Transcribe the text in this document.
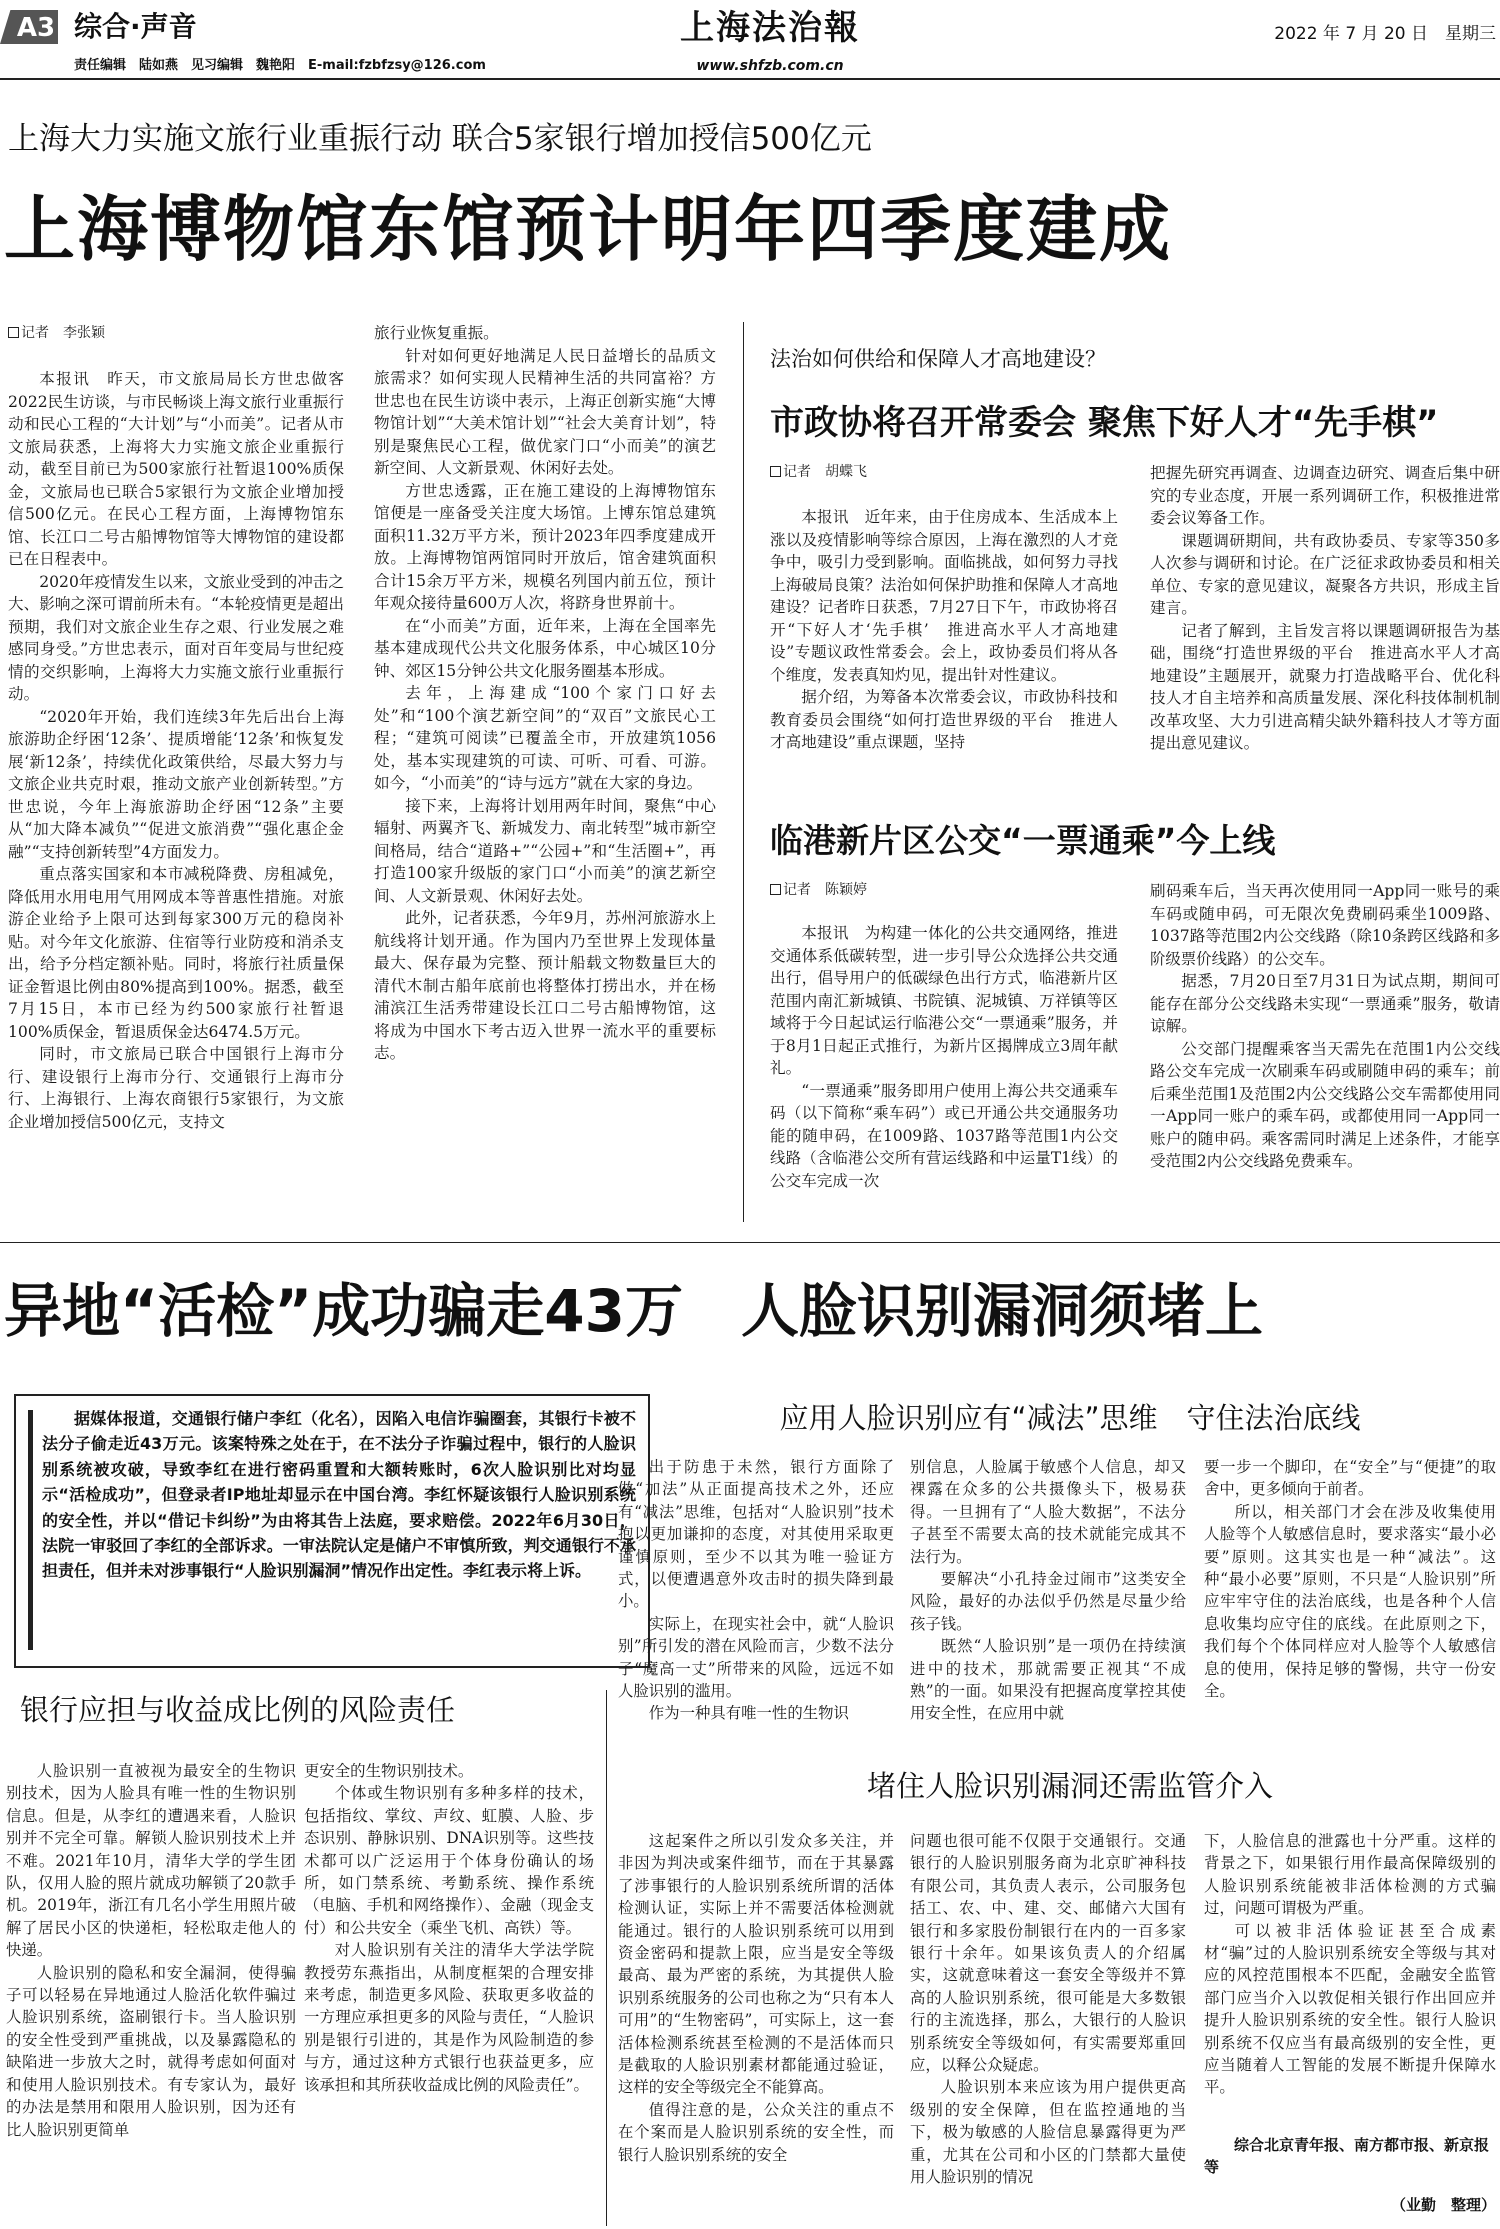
A3 综合·声音
责任编辑　陆如燕　见习编辑　魏艳阳　E-mail:fzbfzsy@126.com
上海法治報
www.shfzb.com.cn
2022 年 7 月 20 日　星期三
上海大力实施文旅行业重振行动 联合5家银行增加授信500亿元
上海博物馆东馆预计明年四季度建成
记者　李张颖

本报讯　昨天，市文旅局局长方世忠做客2022民生访谈，与市民畅谈上海文旅行业重振行动和民心工程的“大计划”与“小而美”。记者从市文旅局获悉，上海将大力实施文旅企业重振行动，截至目前已为500家旅行社暂退100%质保金，文旅局也已联合5家银行为文旅企业增加授信500亿元。在民心工程方面，上海博物馆东馆、长江口二号古船博物馆等大博物馆的建设都已在日程表中。

2020年疫情发生以来，文旅业受到的冲击之大、影响之深可谓前所未有。“本轮疫情更是超出预期，我们对文旅企业生存之艰、行业发展之难感同身受。”方世忠表示，面对百年变局与世纪疫情的交织影响，上海将大力实施文旅行业重振行动。

“2020年开始，我们连续3年先后出台上海旅游助企纾困‘12条’、提质增能‘12条’和恢复发展‘新12条’，持续优化政策供给，尽最大努力与文旅企业共克时艰，推动文旅产业创新转型。”方世忠说，今年上海旅游助企纾困“12条”主要从“加大降本减负”“促进文旅消费”“强化惠企金融”“支持创新转型”4方面发力。

重点落实国家和本市减税降费、房租减免，降低用水用电用气用网成本等普惠性措施。对旅游企业给予上限可达到每家300万元的稳岗补贴。对今年文化旅游、住宿等行业防疫和消杀支出，给予分档定额补贴。同时，将旅行社质量保证金暂退比例由80%提高到100%。据悉，截至7月15日，本市已经为约500家旅行社暂退100%质保金，暂退质保金达6474.5万元。

同时，市文旅局已联合中国银行上海市分行、建设银行上海市分行、交通银行上海市分行、上海银行、上海农商银行5家银行，为文旅企业增加授信500亿元，支持文

旅行业恢复重振。

针对如何更好地满足人民日益增长的品质文旅需求？如何实现人民精神生活的共同富裕？方世忠也在民生访谈中表示，上海正创新实施“大博物馆计划”“大美术馆计划”“社会大美育计划”，特别是聚焦民心工程，做优家门口“小而美”的演艺新空间、人文新景观、休闲好去处。

方世忠透露，正在施工建设的上海博物馆东馆便是一座备受关注度大场馆。上博东馆总建筑面积11.32万平方米，预计2023年四季度建成开放。上海博物馆两馆同时开放后，馆舍建筑面积合计15余万平方米，规模名列国内前五位，预计年观众接待量600万人次，将跻身世界前十。

在“小而美”方面，近年来，上海在全国率先基本建成现代公共文化服务体系，中心城区10分钟、郊区15分钟公共文化服务圈基本形成。

去年，上海建成“100个家门口好去处”和“100个演艺新空间”的“双百”文旅民心工程；“建筑可阅读”已覆盖全市，开放建筑1056处，基本实现建筑的可读、可听、可看、可游。如今，“小而美”的“诗与远方”就在大家的身边。

接下来，上海将计划用两年时间，聚焦“中心辐射、两翼齐飞、新城发力、南北转型”城市新空间格局，结合“道路+”“公园+”和“生活圈+”，再打造100家升级版的家门口“小而美”的演艺新空间、人文新景观、休闲好去处。

此外，记者获悉，今年9月，苏州河旅游水上航线将计划开通。作为国内乃至世界上发现体量最大、保存最为完整、预计船载文物数量巨大的清代木制古船年底前也将整体打捞出水，并在杨浦滨江生活秀带建设长江口二号古船博物馆，这将成为中国水下考古迈入世界一流水平的重要标志。

法治如何供给和保障人才高地建设？
市政协将召开常委会 聚焦下好人才“先手棋”
记者　胡蝶飞

本报讯　近年来，由于住房成本、生活成本上涨以及疫情影响等综合原因，上海在激烈的人才竞争中，吸引力受到影响。面临挑战，如何努力寻找上海破局良策？法治如何保护助推和保障人才高地建设？记者昨日获悉，7月27日下午，市政协将召开“下好人才‘先手棋’　推进高水平人才高地建设”专题议政性常委会。会上，政协委员们将从各个维度，发表真知灼见，提出针对性建议。

据介绍，为筹备本次常委会议，市政协科技和教育委员会围绕“如何打造世界级的平台　推进人才高地建设”重点课题，坚持

把握先研究再调查、边调查边研究、调查后集中研究的专业态度，开展一系列调研工作，积极推进常委会议筹备工作。

课题调研期间，共有政协委员、专家等350多人次参与调研和讨论。在广泛征求政协委员和相关单位、专家的意见建议，凝聚各方共识，形成主旨建言。

记者了解到，主旨发言将以课题调研报告为基础，围绕“打造世界级的平台　推进高水平人才高地建设”主题展开，就聚力打造战略平台、优化科技人才自主培养和高质量发展、深化科技体制机制改革攻坚、大力引进高精尖缺外籍科技人才等方面提出意见建议。

临港新片区公交“一票通乘”今上线
记者　陈颖婷

本报讯　为构建一体化的公共交通网络，推进交通体系低碳转型，进一步引导公众选择公共交通出行，倡导用户的低碳绿色出行方式，临港新片区范围内南汇新城镇、书院镇、泥城镇、万祥镇等区域将于今日起试运行临港公交“一票通乘”服务，并于8月1日起正式推行，为新片区揭牌成立3周年献礼。

“一票通乘”服务即用户使用上海公共交通乘车码（以下简称“乘车码”）或已开通公共交通服务功能的随申码，在1009路、1037路等范围1内公交线路（含临港公交所有营运线路和中运量T1线）的公交车完成一次

刷码乘车后，当天再次使用同一App同一账号的乘车码或随申码，可无限次免费刷码乘坐1009路、1037路等范围2内公交线路（除10条跨区线路和多阶级票价线路）的公交车。

据悉，7月20日至7月31日为试点期，期间可能存在部分公交线路未实现“一票通乘”服务，敬请谅解。

公交部门提醒乘客当天需先在范围1内公交线路公交车完成一次刷乘车码或刷随申码的乘车；前后乘坐范围1及范围2内公交线路公交车需都使用同一App同一账户的乘车码，或都使用同一App同一账户的随申码。乘客需同时满足上述条件，才能享受范围2内公交线路免费乘车。

异地“活检”成功骗走43万　人脸识别漏洞须堵上
据媒体报道，交通银行储户李红（化名），因陷入电信诈骗圈套，其银行卡被不法分子偷走近43万元。该案特殊之处在于，在不法分子诈骗过程中，银行的人脸识别系统被攻破，导致李红在进行密码重置和大额转账时，6次人脸识别比对均显示“活检成功”，但登录者IP地址却显示在中国台湾。李红怀疑该银行人脸识别系统的安全性，并以“借记卡纠纷”为由将其告上法庭，要求赔偿。2022年6月30日，法院一审驳回了李红的全部诉求。一审法院认定是储户不审慎所致，判交通银行不承担责任，但并未对涉事银行“人脸识别漏洞”情况作出定性。李红表示将上诉。
银行应担与收益成比例的风险责任

人脸识别一直被视为最安全的生物识别技术，因为人脸具有唯一性的生物识别信息。但是，从李红的遭遇来看，人脸识别并不完全可靠。解锁人脸识别技术上并不难。2021年10月，清华大学的学生团队，仅用人脸的照片就成功解锁了20款手机。2019年，浙江有几名小学生用照片破解了居民小区的快递柜，轻松取走他人的快递。

人脸识别的隐私和安全漏洞，使得骗子可以轻易在异地通过人脸活化软件骗过人脸识别系统，盗刷银行卡。当人脸识别的安全性受到严重挑战，以及暴露隐私的缺陷进一步放大之时，就得考虑如何面对和使用人脸识别技术。有专家认为，最好的办法是禁用和限用人脸识别，因为还有比人脸识别更简单

更安全的生物识别技术。

个体或生物识别有多种多样的技术，包括指纹、掌纹、声纹、虹膜、人脸、步态识别、静脉识别、DNA识别等。这些技术都可以广泛运用于个体身份确认的场所，如门禁系统、考勤系统、操作系统（电脑、手机和网络操作）、金融（现金支付）和公共安全（乘坐飞机、高铁）等。

对人脸识别有关注的清华大学法学院教授劳东燕指出，从制度框架的合理安排来考虑，制造更多风险、获取更多收益的一方理应承担更多的风险与责任，“人脸识别是银行引进的，其是作为风险制造的参与方，通过这种方式银行也获益更多，应该承担和其所获收益成比例的风险责任”。

应用人脸识别应有“减法”思维　守住法治底线

出于防患于未然，银行方面除了做“加法”从正面提高技术之外，还应有“减法”思维，包括对“人脸识别”技术抱以更加谦抑的态度，对其使用采取更谨慎原则，至少不以其为唯一验证方式，以便遭遇意外攻击时的损失降到最小。

实际上，在现实社会中，就“人脸识别”所引发的潜在风险而言，少数不法分子“魔高一丈”所带来的风险，远远不如人脸识别的滥用。

作为一种具有唯一性的生物识

别信息，人脸属于敏感个人信息，却又裸露在众多的公共摄像头下，极易获得。一旦拥有了“人脸大数据”，不法分子甚至不需要太高的技术就能完成其不法行为。

要解决“小孔持金过闹市”这类安全风险，最好的办法似乎仍然是尽量少给孩子钱。

既然“人脸识别”是一项仍在持续演进中的技术，那就需要正视其“不成熟”的一面。如果没有把握高度掌控其使用安全性，在应用中就

要一步一个脚印，在“安全”与“便捷”的取舍中，更多倾向于前者。

所以，相关部门才会在涉及收集使用人脸等个人敏感信息时，要求落实“最小必要”原则。这其实也是一种“减法”。这种“最小必要”原则，不只是“人脸识别”所应牢牢守住的法治底线，也是各种个人信息收集均应守住的底线。在此原则之下，我们每个个体同样应对人脸等个人敏感信息的使用，保持足够的警惕，共守一份安全。

堵住人脸识别漏洞还需监管介入

这起案件之所以引发众多关注，并非因为判决或案件细节，而在于其暴露了涉事银行的人脸识别系统所谓的活体检测认证，实际上并不需要活体检测就能通过。银行的人脸识别系统可以用到资金密码和提款上限，应当是安全等级最高、最为严密的系统，为其提供人脸识别系统服务的公司也称之为“只有本人可用”的“生物密码”，可实际上，这一套活体检测系统甚至检测的不是活体而只是截取的人脸识别素材都能通过验证，这样的安全等级完全不能算高。

值得注意的是，公众关注的重点不在个案而是人脸识别系统的安全性，而银行人脸识别系统的安全

问题也很可能不仅限于交通银行。交通银行的人脸识别服务商为北京旷神科技有限公司，其负责人表示，公司服务包括工、农、中、建、交、邮储六大国有银行和多家股份制银行在内的一百多家银行十余年。如果该负责人的介绍属实，这就意味着这一套安全等级并不算高的人脸识别系统，很可能是大多数银行的主流选择，那么，大银行的人脸识别系统安全等级如何，有实需要郑重回应，以释公众疑虑。

人脸识别本来应该为用户提供更高级别的安全保障，但在监控通地的当下，极为敏感的人脸信息暴露得更为严重，尤其在公司和小区的门禁都大量使用人脸识别的情况

下，人脸信息的泄露也十分严重。这样的背景之下，如果银行用作最高保障级别的人脸识别系统能被非活体检测的方式骗过，问题可谓极为严重。

可以被非活体验证甚至合成素材“骗”过的人脸识别系统安全等级与其对应的风控范围根本不匹配，金融安全监管部门应当介入以敦促相关银行作出回应并提升人脸识别系统的安全性。银行人脸识别系统不仅应当有最高级别的安全性，更应当随着人工智能的发展不断提升保障水平。

综合北京青年报、南方都市报、新京报等
（业勤　整理）
